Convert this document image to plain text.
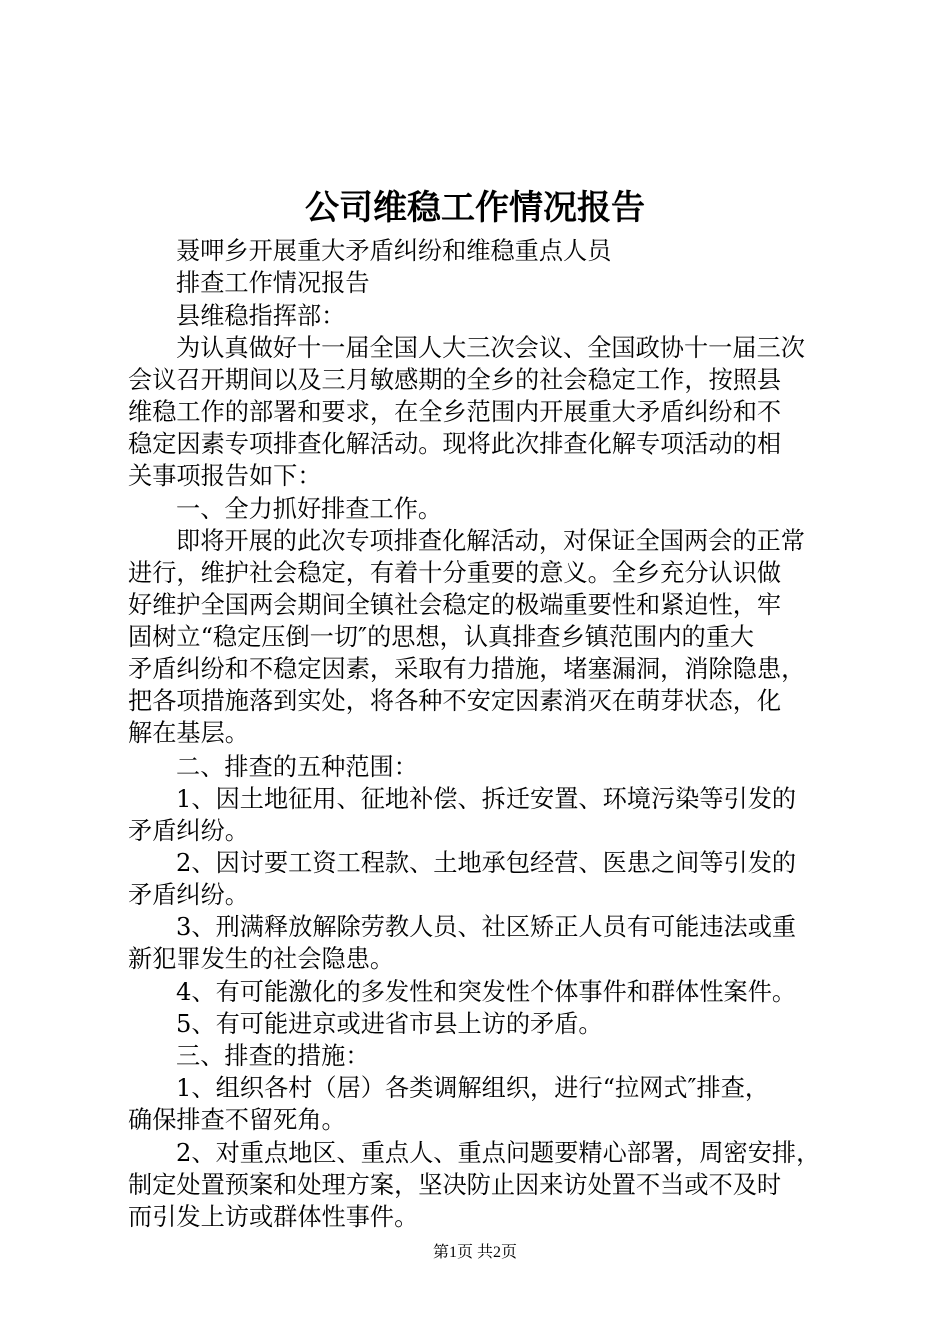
公司维稳工作情况报告
聂呷乡开展重大矛盾纠纷和维稳重点人员
排查工作情况报告
县维稳指挥部：
为认真做好十一届全国人大三次会议、全国政协十一届三次
会议召开期间以及三月敏感期的全乡的社会稳定工作，按照县
维稳工作的部署和要求，在全乡范围内开展重大矛盾纠纷和不
稳定因素专项排查化解活动。现将此次排查化解专项活动的相
关事项报告如下：
一、全力抓好排查工作。
即将开展的此次专项排查化解活动，对保证全国两会的正常
进行，维护社会稳定，有着十分重要的意义。全乡充分认识做
好维护全国两会期间全镇社会稳定的极端重要性和紧迫性，牢
固树立“稳定压倒一切″的思想，认真排查乡镇范围内的重大
矛盾纠纷和不稳定因素，采取有力措施，堵塞漏洞，消除隐患，
把各项措施落到实处，将各种不安定因素消灭在萌芽状态，化
解在基层。
二、排查的五种范围：
1、因土地征用、征地补偿、拆迁安置、环境污染等引发的
矛盾纠纷。
2、因讨要工资工程款、土地承包经营、医患之间等引发的
矛盾纠纷。
3、刑满释放解除劳教人员、社区矫正人员有可能违法或重
新犯罪发生的社会隐患。
4、有可能激化的多发性和突发性个体事件和群体性案件。
5、有可能进京或进省市县上访的矛盾。
三、排查的措施：
1、组织各村（居）各类调解组织，进行“拉网式″排查，
确保排查不留死角。
2、对重点地区、重点人、重点问题要精心部署，周密安排，
制定处置预案和处理方案，坚决防止因来访处置不当或不及时
而引发上访或群体性事件。
第1页 共2页
